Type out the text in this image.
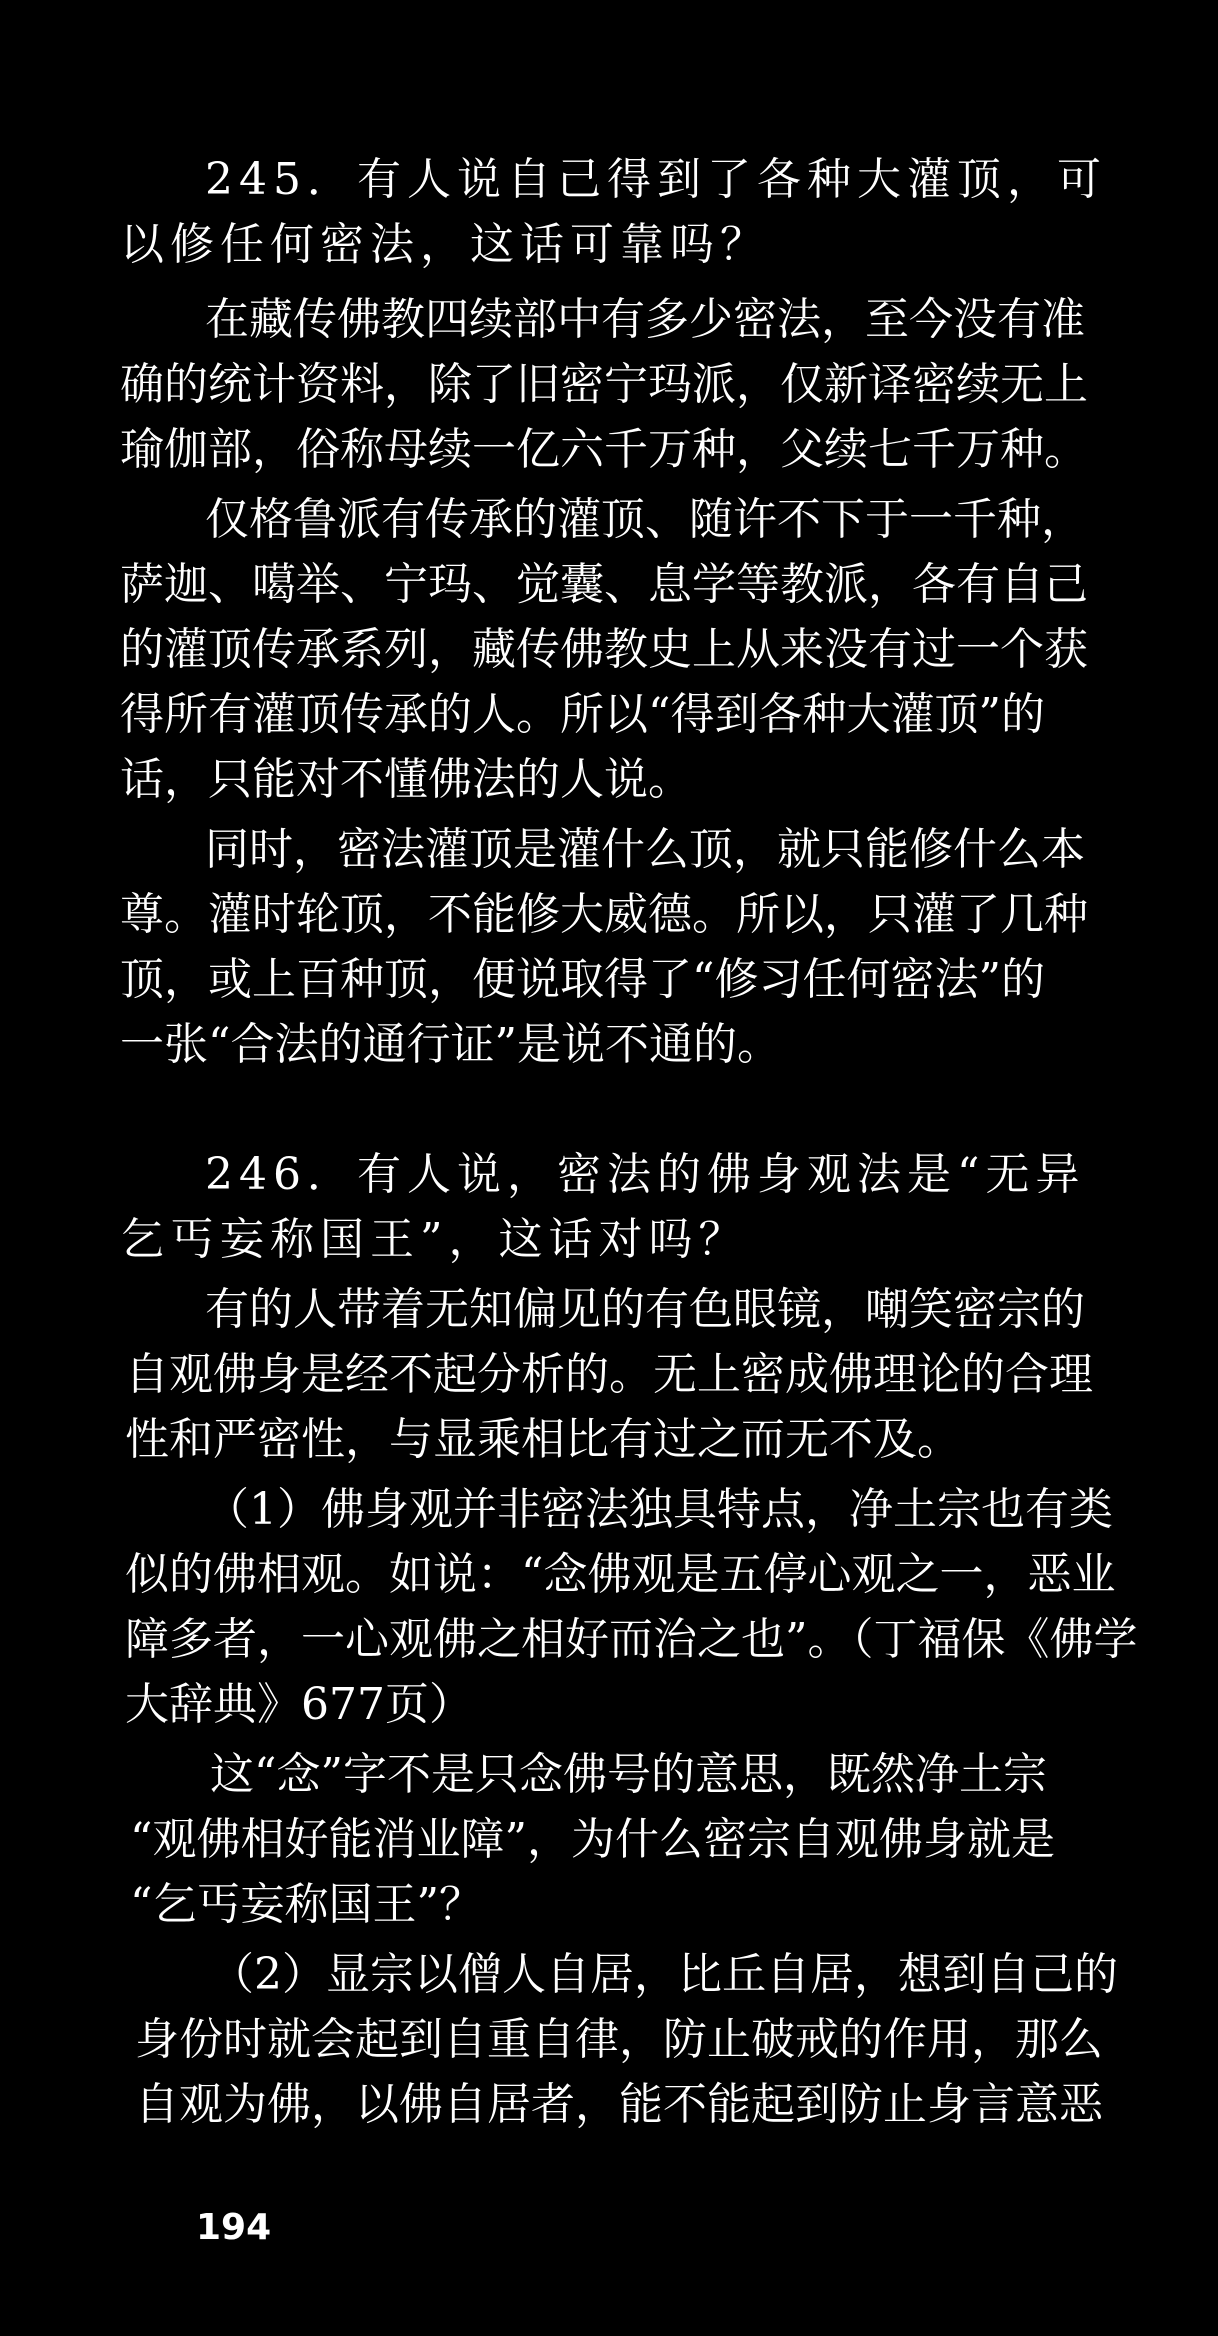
245．有人说自己得到了各种大灌顶，可
以修任何密法，这话可靠吗？
在藏传佛教四续部中有多少密法，至今没有准
确的统计资料，除了旧密宁玛派，仅新译密续无上
瑜伽部，俗称母续一亿六千万种，父续七千万种。
仅格鲁派有传承的灌顶、随许不下于一千种，
萨迦、噶举、宁玛、觉囊、息学等教派，各有自己
的灌顶传承系列，藏传佛教史上从来没有过一个获
得所有灌顶传承的人。所以“得到各种大灌顶”的
话，只能对不懂佛法的人说。
同时，密法灌顶是灌什么顶，就只能修什么本
尊。灌时轮顶，不能修大威德。所以，只灌了几种
顶，或上百种顶，便说取得了“修习任何密法”的
一张“合法的通行证”是说不通的。
246．有人说，密法的佛身观法是“无异
乞丐妄称国王”，这话对吗？
有的人带着无知偏见的有色眼镜，嘲笑密宗的
自观佛身是经不起分析的。无上密成佛理论的合理
性和严密性，与显乘相比有过之而无不及。
（1）佛身观并非密法独具特点，净土宗也有类
似的佛相观。如说：“念佛观是五停心观之一，恶业
障多者，一心观佛之相好而治之也”。（丁福保《佛学
大辞典》677页）
这“念”字不是只念佛号的意思，既然净土宗
“观佛相好能消业障”，为什么密宗自观佛身就是
“乞丐妄称国王”？
（2）显宗以僧人自居，比丘自居，想到自己的
身份时就会起到自重自律，防止破戒的作用，那么
自观为佛，以佛自居者，能不能起到防止身言意恶
194
